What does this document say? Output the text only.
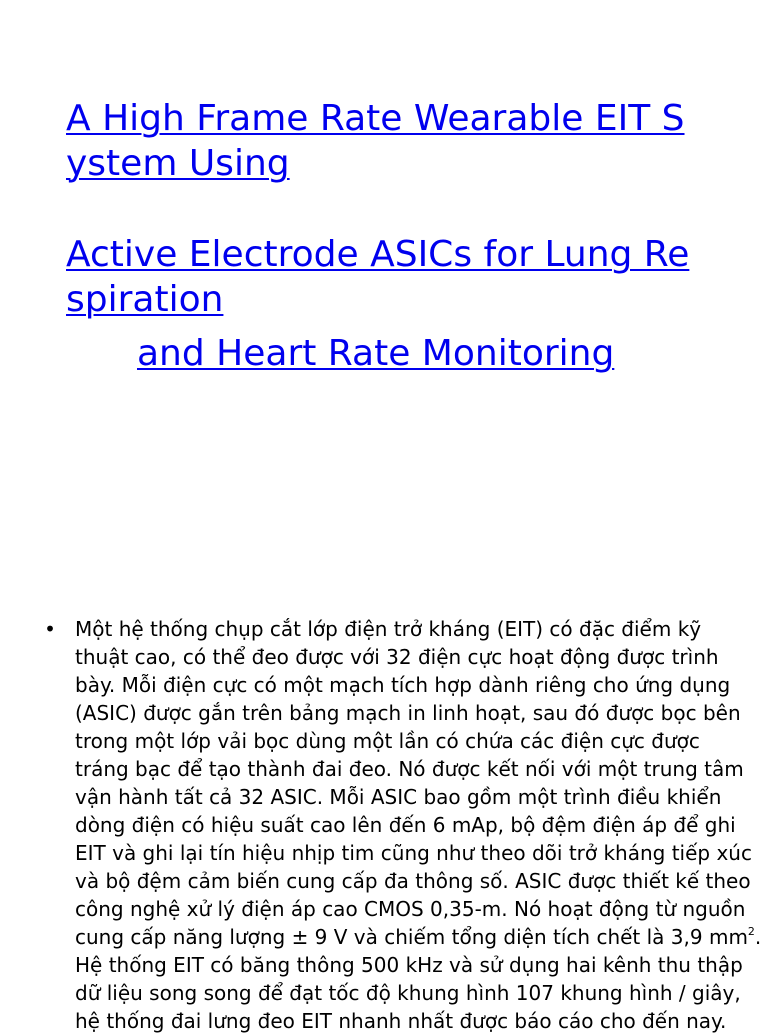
A High Frame Rate Wearable EIT S
ystem Using
Active Electrode ASICs for Lung Re
spiration
and Heart Rate Monitoring
• Một hệ thống chụp cắt lớp điện trở kháng (EIT) có đặc điểm kỹ
thuật cao, có thể đeo được với 32 điện cực hoạt động được trình
bày. Mỗi điện cực có một mạch tích hợp dành riêng cho ứng dụng
(ASIC) được gắn trên bảng mạch in linh hoạt, sau đó được bọc bên
trong một lớp vải bọc dùng một lần có chứa các điện cực được
tráng bạc để tạo thành đai đeo. Nó được kết nối với một trung tâm
vận hành tất cả 32 ASIC. Mỗi ASIC bao gồm một trình điều khiển
dòng điện có hiệu suất cao lên đến 6 mAp, bộ đệm điện áp để ghi
EIT và ghi lại tín hiệu nhịp tim cũng như theo dõi trở kháng tiếp xúc
và bộ đệm cảm biến cung cấp đa thông số. ASIC được thiết kế theo
công nghệ xử lý điện áp cao CMOS 0,35-m. Nó hoạt động từ nguồn
cung cấp năng lượng ± 9 V và chiếm tổng diện tích chết là 3,9 $mm^2$.
Hệ thống EIT có băng thông 500 kHz và sử dụng hai kênh thu thập
dữ liệu song song để đạt tốc độ khung hình 107 khung hình / giây,
hệ thống đai lưng đeo EIT nhanh nhất được báo cáo cho đến nay.
